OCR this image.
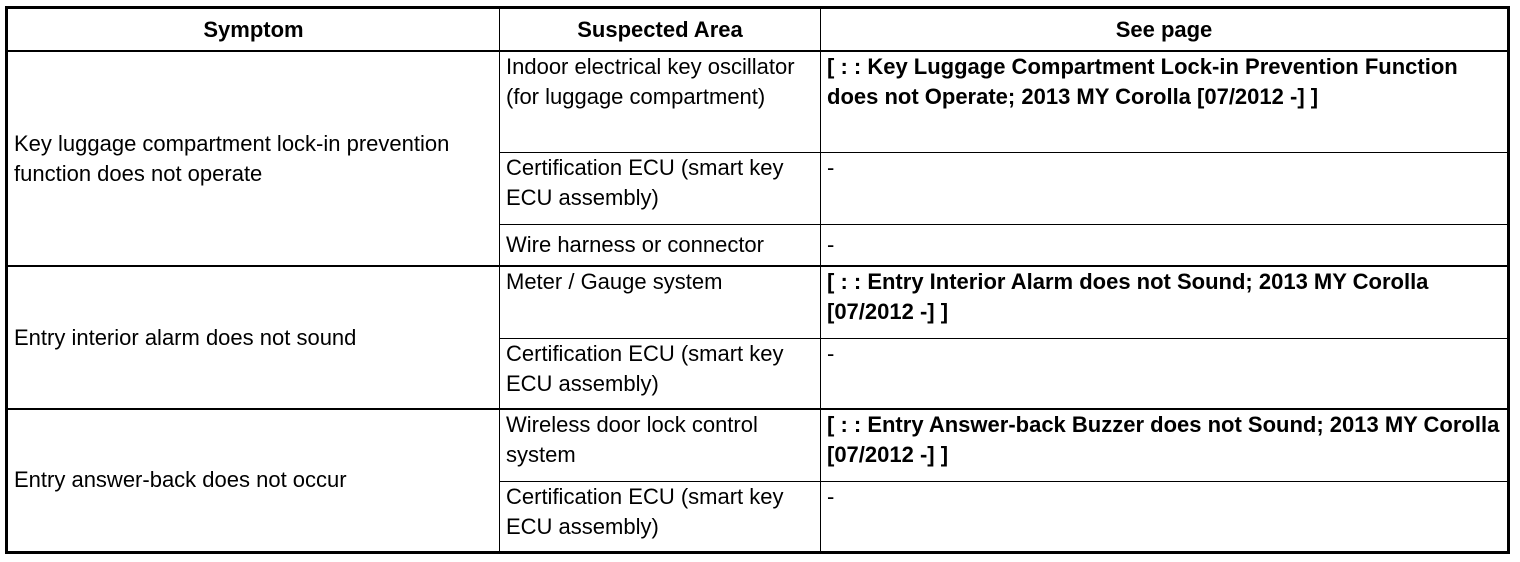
Symptom	Suspected Area	See page
Key luggage compartment lock-in prevention function does not operate	Indoor electrical key oscillator (for luggage compartment)	[ : : Key Luggage Compartment Lock-in Prevention Function does not Operate; 2013 MY Corolla [07/2012 -] ]
	Certification ECU (smart key ECU assembly)	-
	Wire harness or connector	-
Entry interior alarm does not sound	Meter / Gauge system	[ : : Entry Interior Alarm does not Sound; 2013 MY Corolla [07/2012 -] ]
	Certification ECU (smart key ECU assembly)	-
Entry answer-back does not occur	Wireless door lock control system	[ : : Entry Answer-back Buzzer does not Sound; 2013 MY Corolla [07/2012 -] ]
	Certification ECU (smart key ECU assembly)	-
